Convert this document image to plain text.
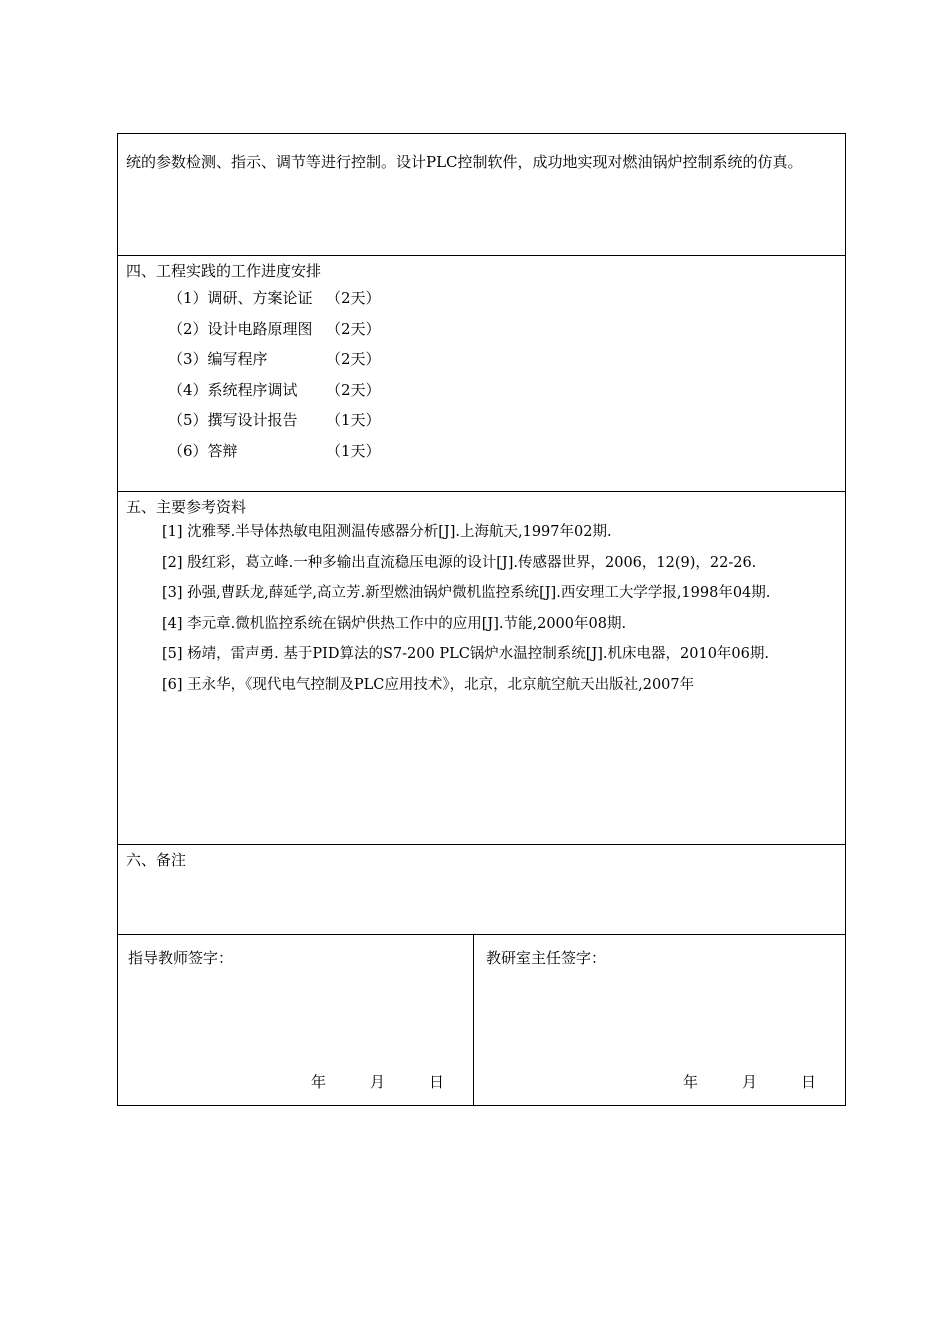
统的参数检测、指示、调节等进行控制。设计PLC控制软件，成功地实现对燃油锅炉控制系统的仿真。

四、工程实践的工作进度安排
（1）调研、方案论证 （2天）
（2）设计电路原理图 （2天）
（3）编写程序	（2天）
（4）系统程序调试	（2天）
（5）撰写设计报告	（1天）
（6）答辩	（1天）
五、主要参考资料

[1] 沈雅琴.半导体热敏电阻测温传感器分析[J].上海航天,1997年02期.

[2] 殷红彩，葛立峰.一种多输出直流稳压电源的设计[J].传感器世界，2006，12(9)，22-26.

[3] 孙强,曹跃龙,薛延学,高立芳.新型燃油锅炉微机监控系统[J].西安理工大学学报,1998年04期.

[4] 李元章.微机监控系统在锅炉供热工作中的应用[J].节能,2000年08期.

[5] 杨靖，雷声勇. 基于PID算法的S7-200 PLC锅炉水温控制系统[J].机床电器，2010年06期.

[6] 王永华，《现代电气控制及PLC应用技术》，北京，北京航空航天出版社,2007年

六、备注
指导教师签字：
年	月	日
教研室主任签字：
年	月	日
